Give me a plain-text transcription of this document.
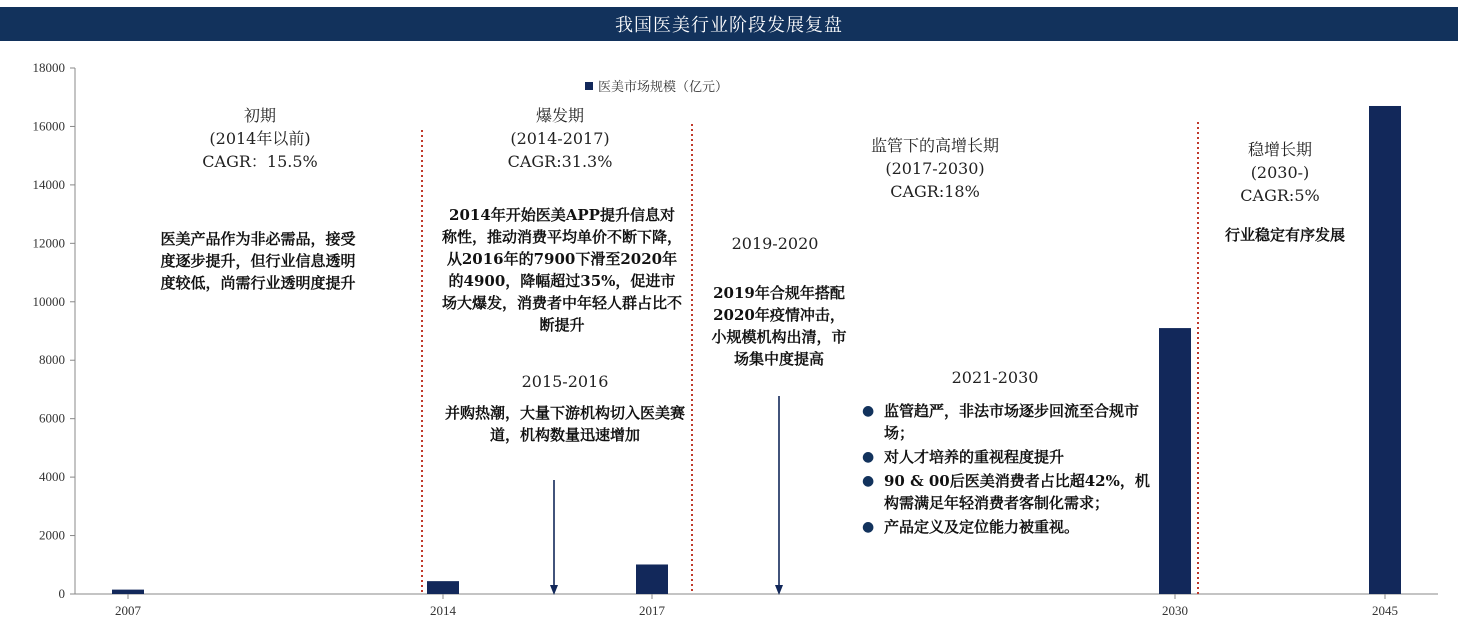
我国医美行业阶段发展复盘
0
2000
4000
6000
8000
10000
12000
14000
16000
18000
2007	2014	2017	2030	2045
医美市场规模（亿元）
初期
(2014年以前)
CAGR：15.5%
医美产品作为非必需品，接受度逐步提升，但行业信息透明度较低，尚需行业透明度提升
爆发期
(2014-2017)
CAGR:31.3%
2014年开始医美APP提升信息对称性，推动消费平均单价不断下降，从2016年的7900下滑至2020年的4900，降幅超过35%，促进市场大爆发，消费者中年轻人群占比不断提升
2015-2016
并购热潮，大量下游机构切入医美赛道，机构数量迅速增加
监管下的高增长期
(2017-2030)
CAGR:18%
2019-2020
2019年合规年搭配2020年疫情冲击，小规模机构出清，市场集中度提高
2021-2030
● 监管趋严，非法市场逐步回流至合规市场；
● 对人才培养的重视程度提升
● 90 & 00后医美消费者占比超42%，机构需满足年轻消费者客制化需求；
● 产品定义及定位能力被重视。
稳增长期
(2030-)
CAGR:5%
行业稳定有序发展
